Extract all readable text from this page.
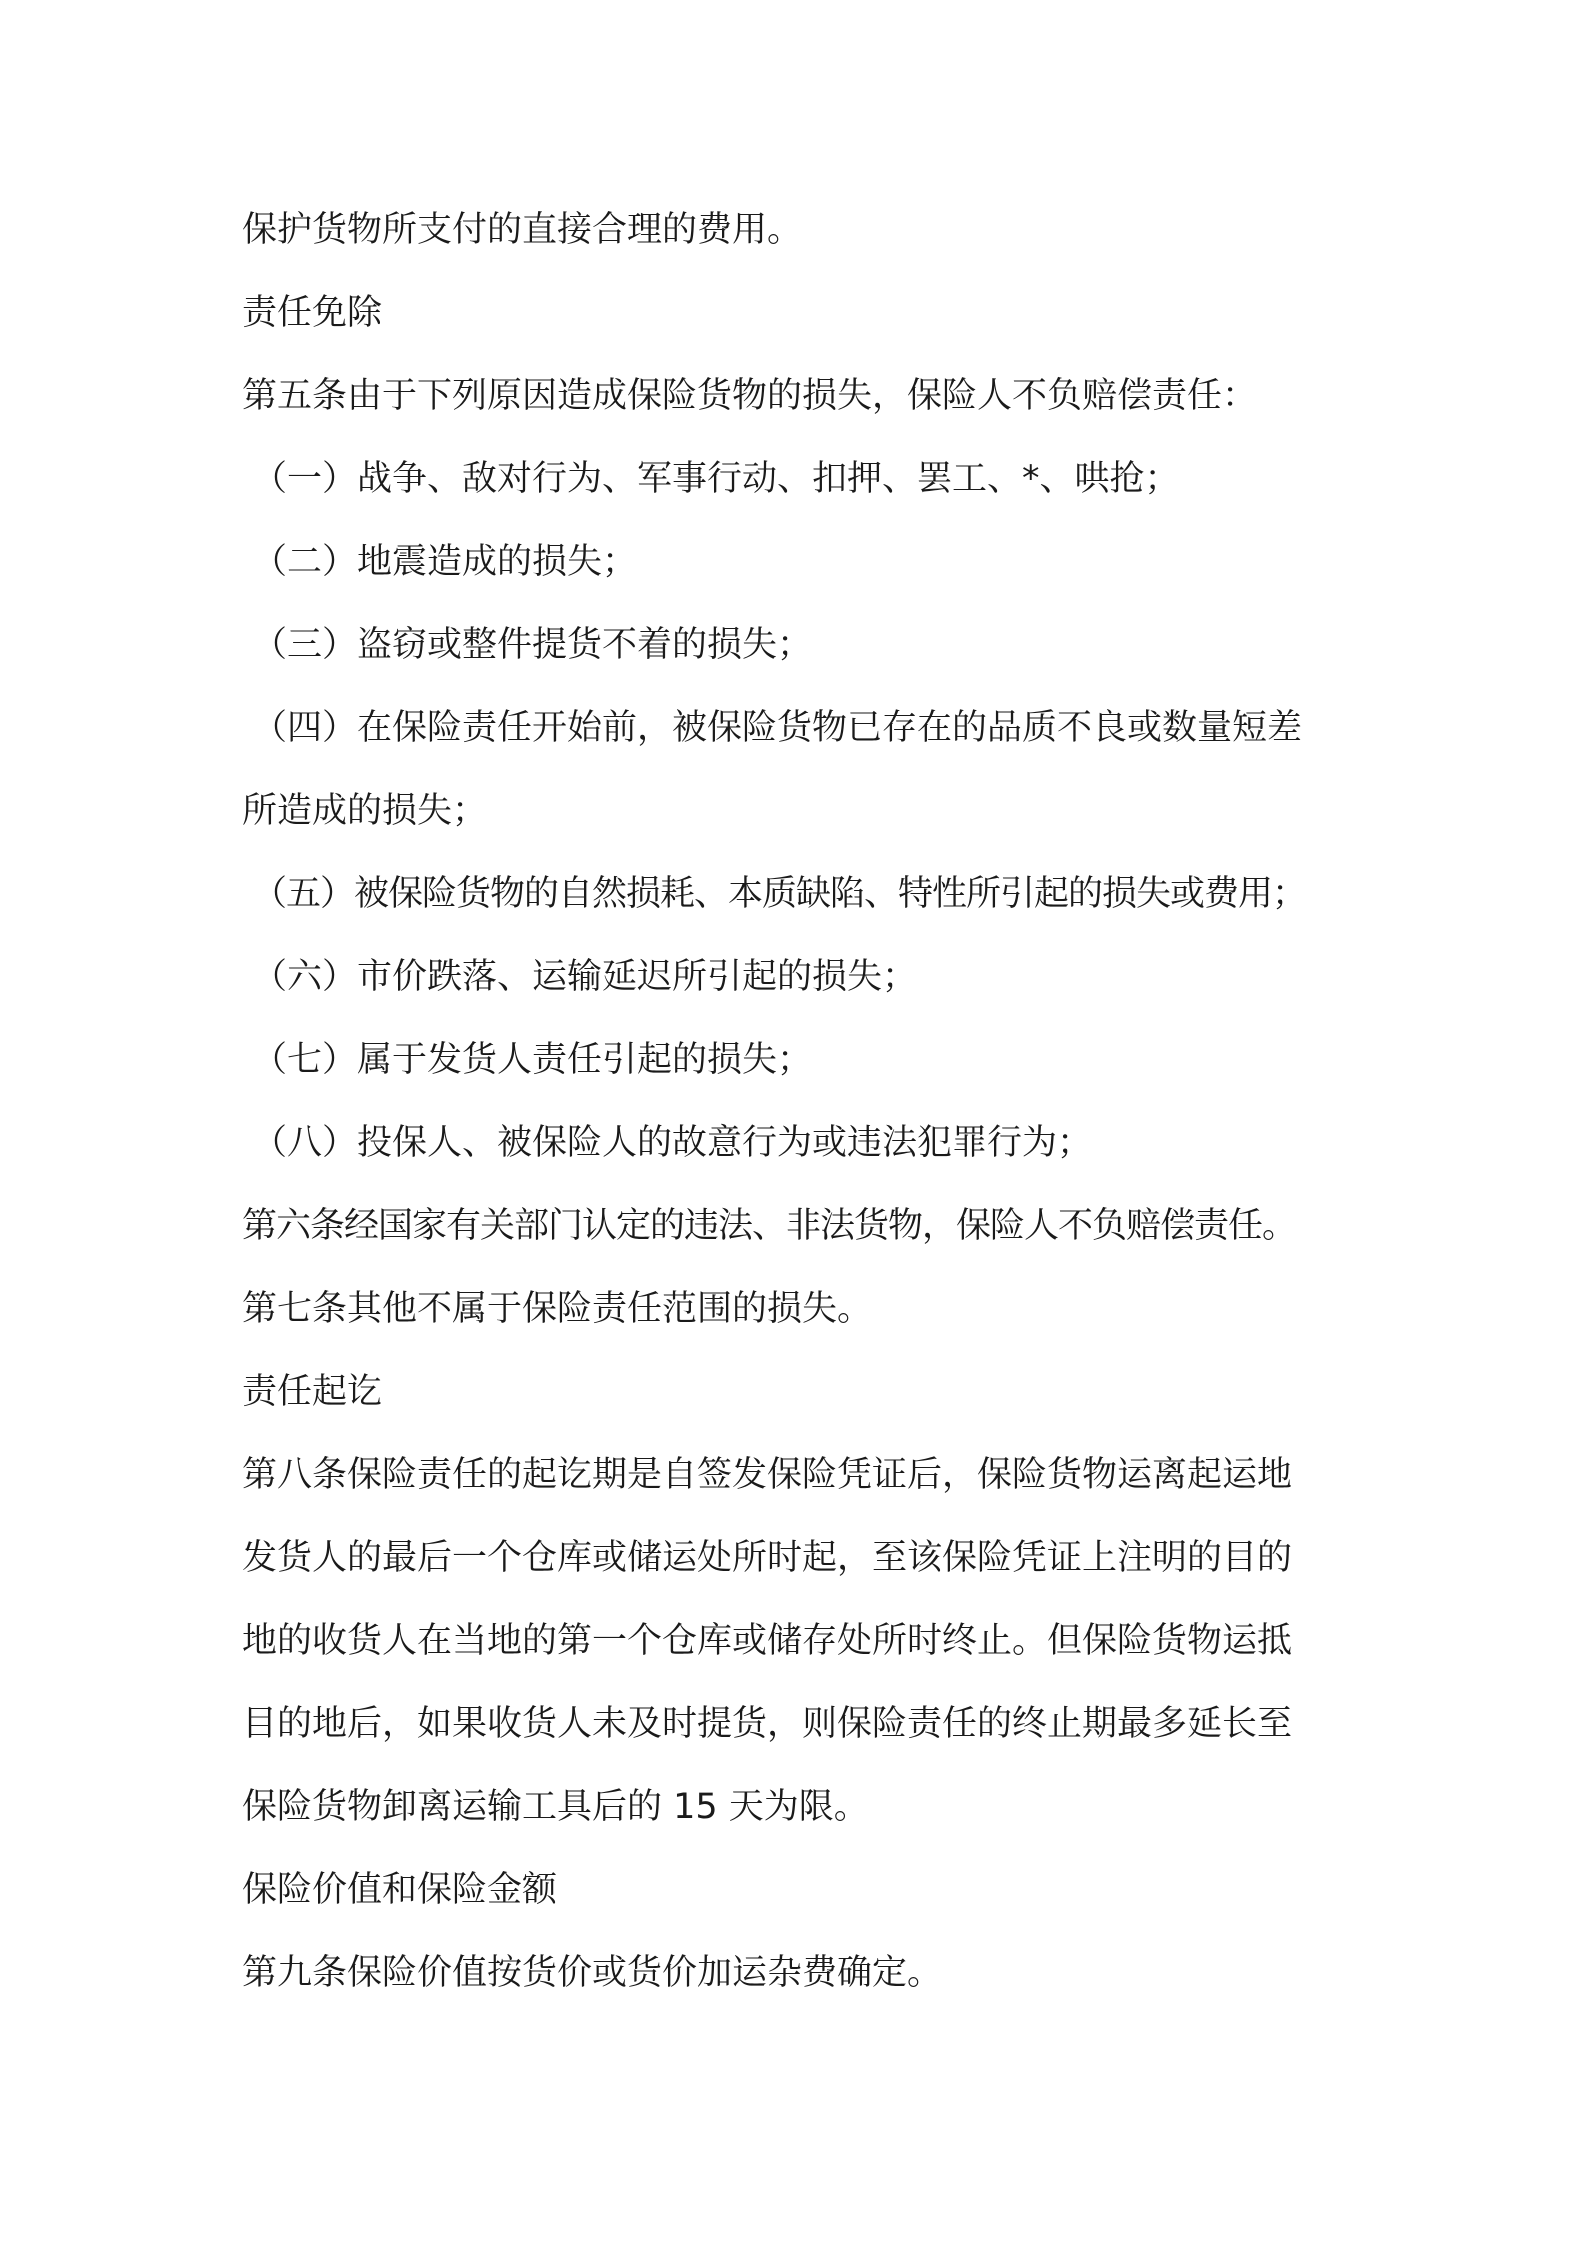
保护货物所支付的直接合理的费用。
责任免除
第五条由于下列原因造成保险货物的损失，保险人不负赔偿责任：
（一）战争、敌对行为、军事行动、扣押、罢工、*、哄抢；
（二）地震造成的损失；
（三）盗窃或整件提货不着的损失；
（四）在保险责任开始前，被保险货物已存在的品质不良或数量短差
所造成的损失；
（五）被保险货物的自然损耗、本质缺陷、特性所引起的损失或费用；
（六）市价跌落、运输延迟所引起的损失；
（七）属于发货人责任引起的损失；
（八）投保人、被保险人的故意行为或违法犯罪行为；
第六条经国家有关部门认定的违法、非法货物，保险人不负赔偿责任。
第七条其他不属于保险责任范围的损失。
责任起讫
第八条保险责任的起讫期是自签发保险凭证后，保险货物运离起运地
发货人的最后一个仓库或储运处所时起，至该保险凭证上注明的目的
地的收货人在当地的第一个仓库或储存处所时终止。但保险货物运抵
目的地后，如果收货人未及时提货，则保险责任的终止期最多延长至
保险货物卸离运输工具后的 15 天为限。
保险价值和保险金额
第九条保险价值按货价或货价加运杂费确定。
